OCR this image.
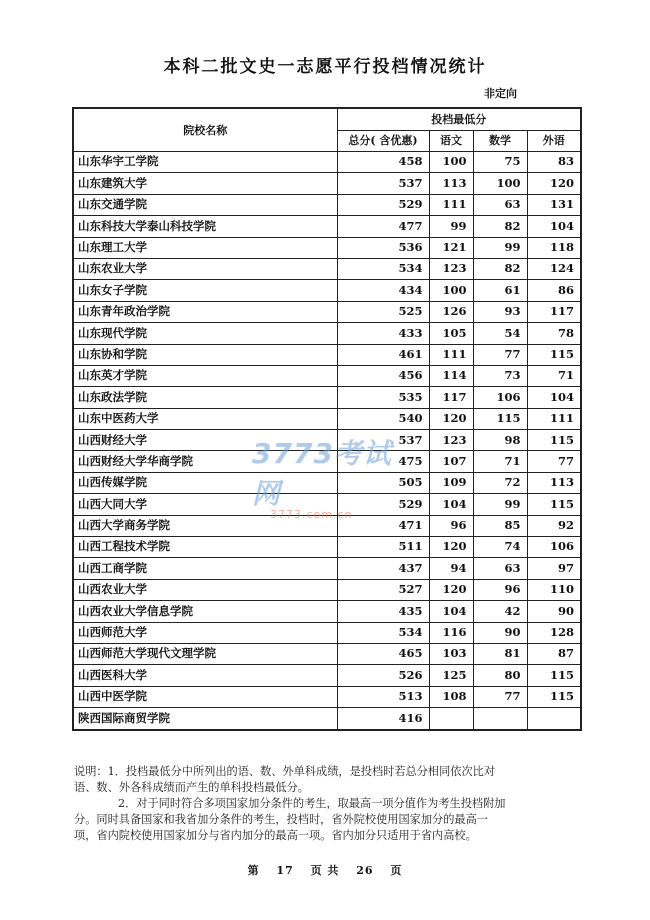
本科二批文史一志愿平行投档情况统计
非定向
院校名称	投档最低分			
	总分( 含优惠)	语文	数学	外语
山东华宇工学院	458	100	75	83
山东建筑大学	537	113	100	120
山东交通学院	529	111	63	131
山东科技大学泰山科技学院	477	99	82	104
山东理工大学	536	121	99	118
山东农业大学	534	123	82	124
山东女子学院	434	100	61	86
山东青年政治学院	525	126	93	117
山东现代学院	433	105	54	78
山东协和学院	461	111	77	115
山东英才学院	456	114	73	71
山东政法学院	535	117	106	104
山东中医药大学	540	120	115	111
山西财经大学	537	123	98	115
山西财经大学华商学院	475	107	71	77
山西传媒学院	505	109	72	113
山西大同大学	529	104	99	115
山西大学商务学院	471	96	85	92
山西工程技术学院	511	120	74	106
山西工商学院	437	94	63	97
山西农业大学	527	120	96	110
山西农业大学信息学院	435	104	42	90
山西师范大学	534	116	90	128
山西师范大学现代文理学院	465	103	81	87
山西医科大学	526	125	80	115
山西中医学院	513	108	77	115
陕西国际商贸学院	416			

说明：1．投档最低分中所列出的语、数、外单科成绩，是投档时若总分相同依次比对

语、数、外各科成绩而产生的单科投档最低分。

2．对于同时符合多项国家加分条件的考生，取最高一项分值作为考生投档附加

分。同时具备国家和我省加分条件的考生，投档时，省外院校使用国家加分的最高一

项，省内院校使用国家加分与省内加分的最高一项。省内加分只适用于省内高校。

第 17 页 共 26 页
3773考试网
3773.com.cn
